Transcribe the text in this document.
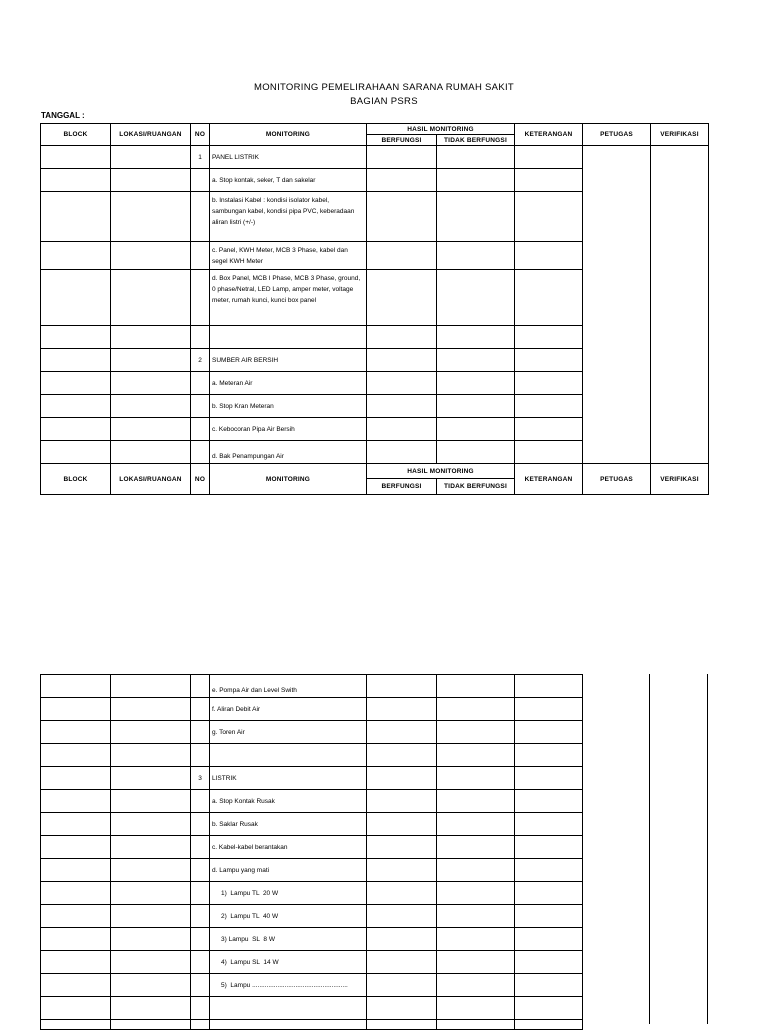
MONITORING PEMELIRAHAAN SARANA RUMAH SAKIT
BAGIAN PSRS
TANGGAL :
BLOCK	LOKASI/RUANGAN	NO	MONITORING	HASIL MONITORING		KETERANGAN	PETUGAS	VERIFIKASI
				BERFUNGSI	TIDAK BERFUNGSI			
		1	PANEL LISTRIK					
			a. Stop kontak, seker, T dan sakelar					
			b. Instalasi Kabel : kondisi isolator kabel, sambungan kabel, kondisi pipa PVC, keberadaan aliran listri (+/-)					
			c. Panel, KWH Meter, MCB 3 Phase, kabel dan segel KWH Meter					
			d. Box Panel, MCB I Phase, MCB 3 Phase, ground, 0 phase/Netral, LED Lamp, amper meter, voltage meter, rumah kunci, kunci box panel					

		2	SUMBER AIR BERSIH					
			a. Meteran Air					
			b. Stop Kran Meteran					
			c. Kebocoran Pipa Air Bersih					
			d. Bak Penampungan Air					
BLOCK	LOKASI/RUANGAN	NO	MONITORING	HASIL MONITORING		KETERANGAN	PETUGAS	VERIFIKASI
				BERFUNGSI	TIDAK BERFUNGSI			
			e. Pompa Air dan Level Swith			
			f. Aliran Debit Air			
			g. Toren Air			

		3	LISTRIK			
			a. Stop Kontak Rusak			
			b. Saklar Rusak			
			c. Kabel-kabel berantakan			
			d. Lampu yang mati			
			1)  Lampu TL  20 W			
			2)  Lampu TL  40 W			
			3) Lampu  SL  8 W			
			4)  Lampu SL  14 W			
			5)  Lampu .....................................................			
